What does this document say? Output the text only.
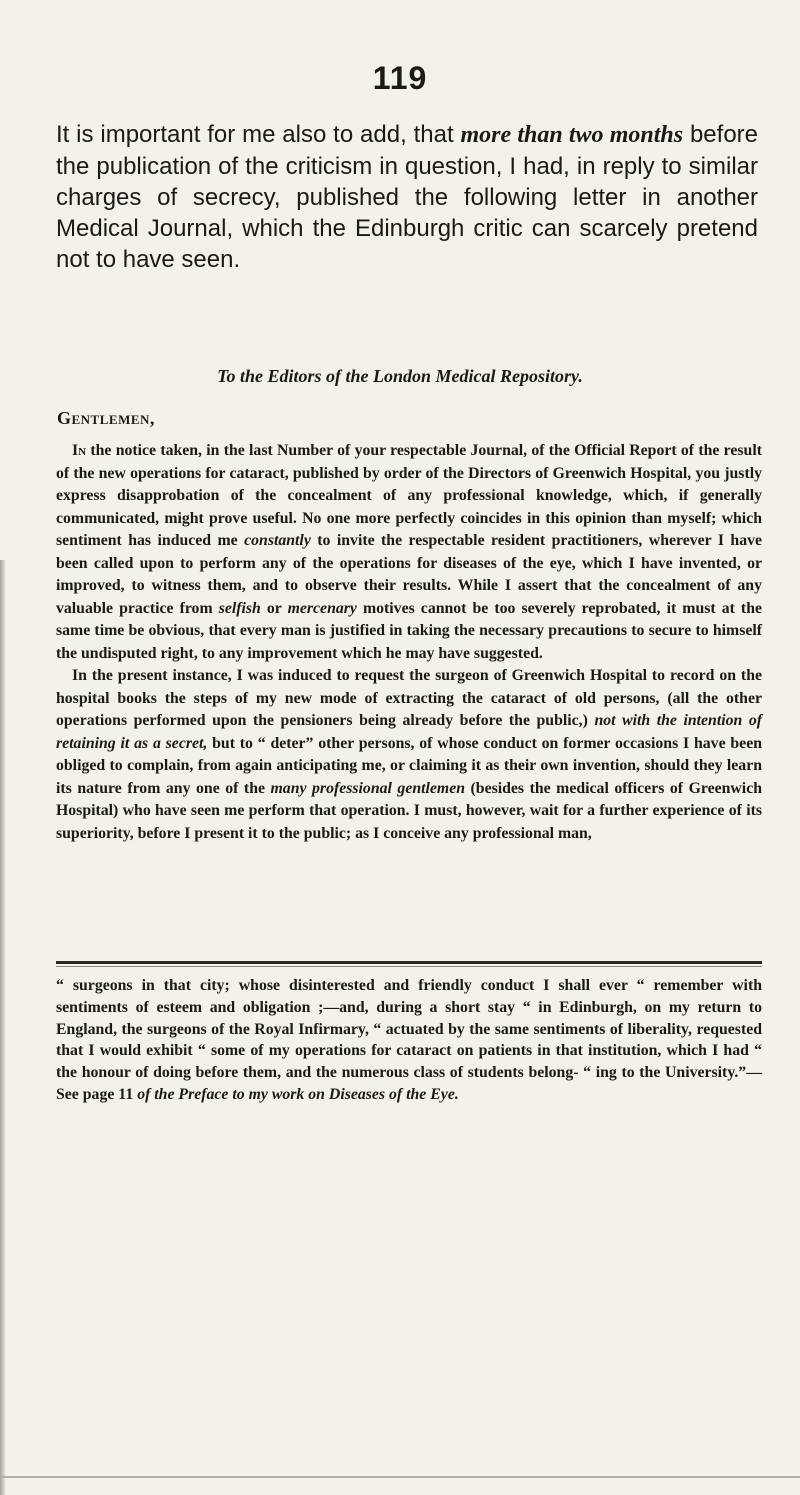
119

It is important for me also to add, that more than two months before the publication of the criticism in question, I had, in reply to similar charges of secrecy, published the following letter in another Medical Journal, which the Edinburgh critic can scarcely pretend not to have seen.

To the Editors of the London Medical Repository.

Gentlemen,

In the notice taken, in the last Number of your respectable Journal, of the Official Report of the result of the new operations for cataract, published by order of the Directors of Greenwich Hospital, you justly express disapprobation of the concealment of any professional knowledge, which, if generally communicated, might prove useful. No one more perfectly coincides in this opinion than myself; which sentiment has induced me constantly to invite the respectable resident practitioners, wherever I have been called upon to perform any of the operations for diseases of the eye, which I have invented, or improved, to witness them, and to observe their results. While I assert that the concealment of any valuable practice from selfish or mercenary motives cannot be too severely reprobated, it must at the same time be obvious, that every man is justified in taking the necessary precautions to secure to himself the undisputed right, to any improvement which he may have suggested.

In the present instance, I was induced to request the surgeon of Greenwich Hospital to record on the hospital books the steps of my new mode of extracting the cataract of old persons, (all the other operations performed upon the pensioners being already before the public,) not with the intention of retaining it as a secret, but to “ deter” other persons, of whose conduct on former occasions I have been obliged to complain, from again anticipating me, or claiming it as their own invention, should they learn its nature from any one of the many professional gentlemen (besides the medical officers of Greenwich Hospital) who have seen me perform that operation. I must, however, wait for a further experience of its superiority, before I present it to the public; as I conceive any professional man,

“ surgeons in that city; whose disinterested and friendly conduct I shall ever “ remember with sentiments of esteem and obligation ;—and, during a short stay “ in Edinburgh, on my return to England, the surgeons of the Royal Infirmary, “ actuated by the same sentiments of liberality, requested that I would exhibit “ some of my operations for cataract on patients in that institution, which I had “ the honour of doing before them, and the numerous class of students belong- “ ing to the University.”—See page 11 of the Preface to my work on Diseases of the Eye.
